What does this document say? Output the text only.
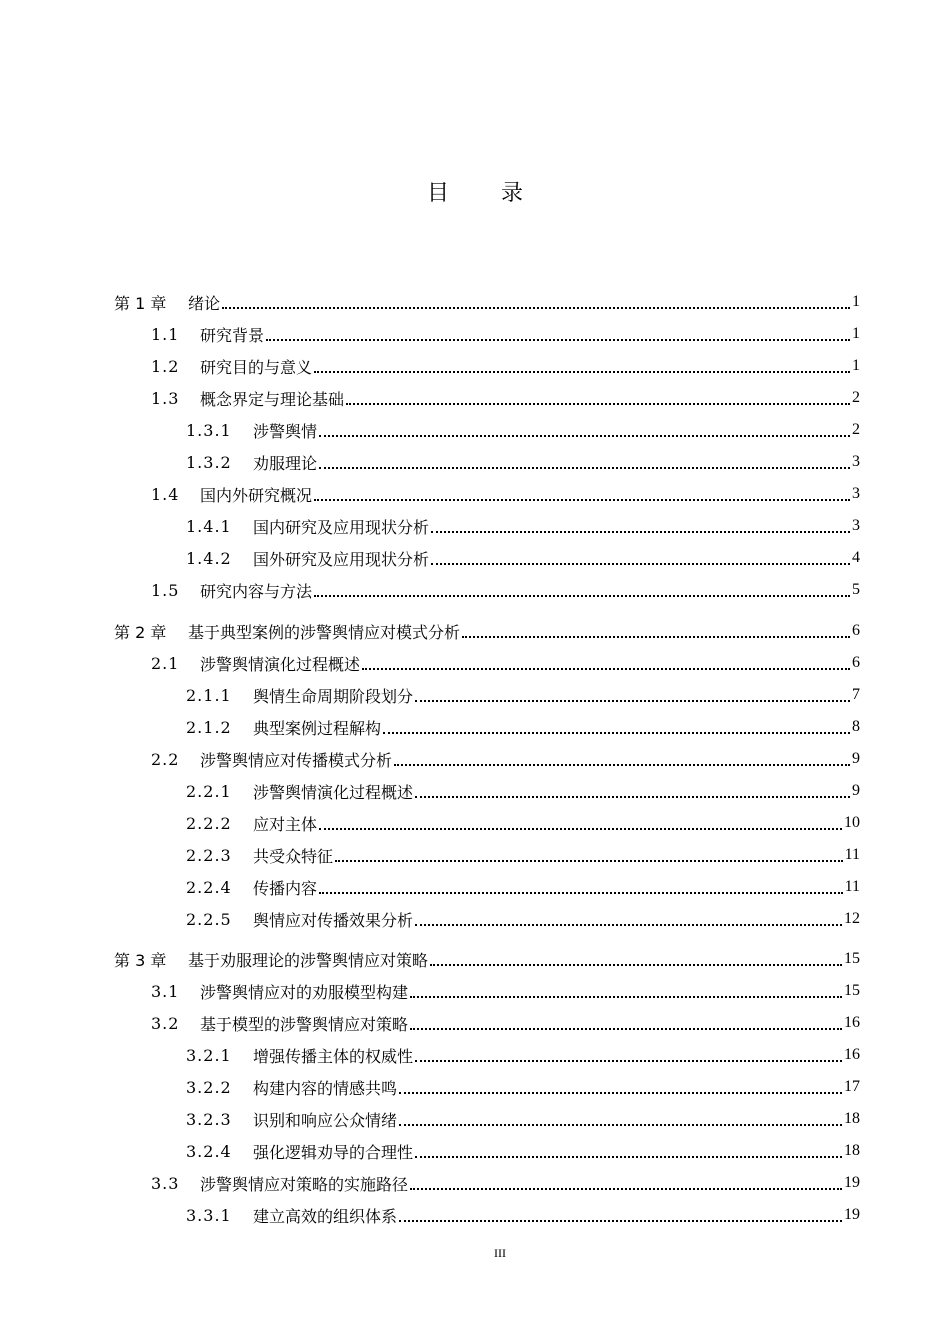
目录
第 1 章	绪论	1
1.1	研究背景	1
1.2	研究目的与意义	1
1.3	概念界定与理论基础	2
1.3.1	涉警舆情	2
1.3.2	劝服理论	3
1.4	国内外研究概况	3
1.4.1	国内研究及应用现状分析	3
1.4.2	国外研究及应用现状分析	4
1.5	研究内容与方法	5
第 2 章	基于典型案例的涉警舆情应对模式分析	6
2.1	涉警舆情演化过程概述	6
2.1.1	舆情生命周期阶段划分	7
2.1.2	典型案例过程解构	8
2.2	涉警舆情应对传播模式分析	9
2.2.1	涉警舆情演化过程概述	9
2.2.2	应对主体	10
2.2.3	共受众特征	11
2.2.4	传播内容	11
2.2.5	舆情应对传播效果分析	12
第 3 章	基于劝服理论的涉警舆情应对策略	15
3.1	涉警舆情应对的劝服模型构建	15
3.2	基于模型的涉警舆情应对策略	16
3.2.1	增强传播主体的权威性	16
3.2.2	构建内容的情感共鸣	17
3.2.3	识别和响应公众情绪	18
3.2.4	强化逻辑劝导的合理性	18
3.3	涉警舆情应对策略的实施路径	19
3.3.1	建立高效的组织体系	19
III
